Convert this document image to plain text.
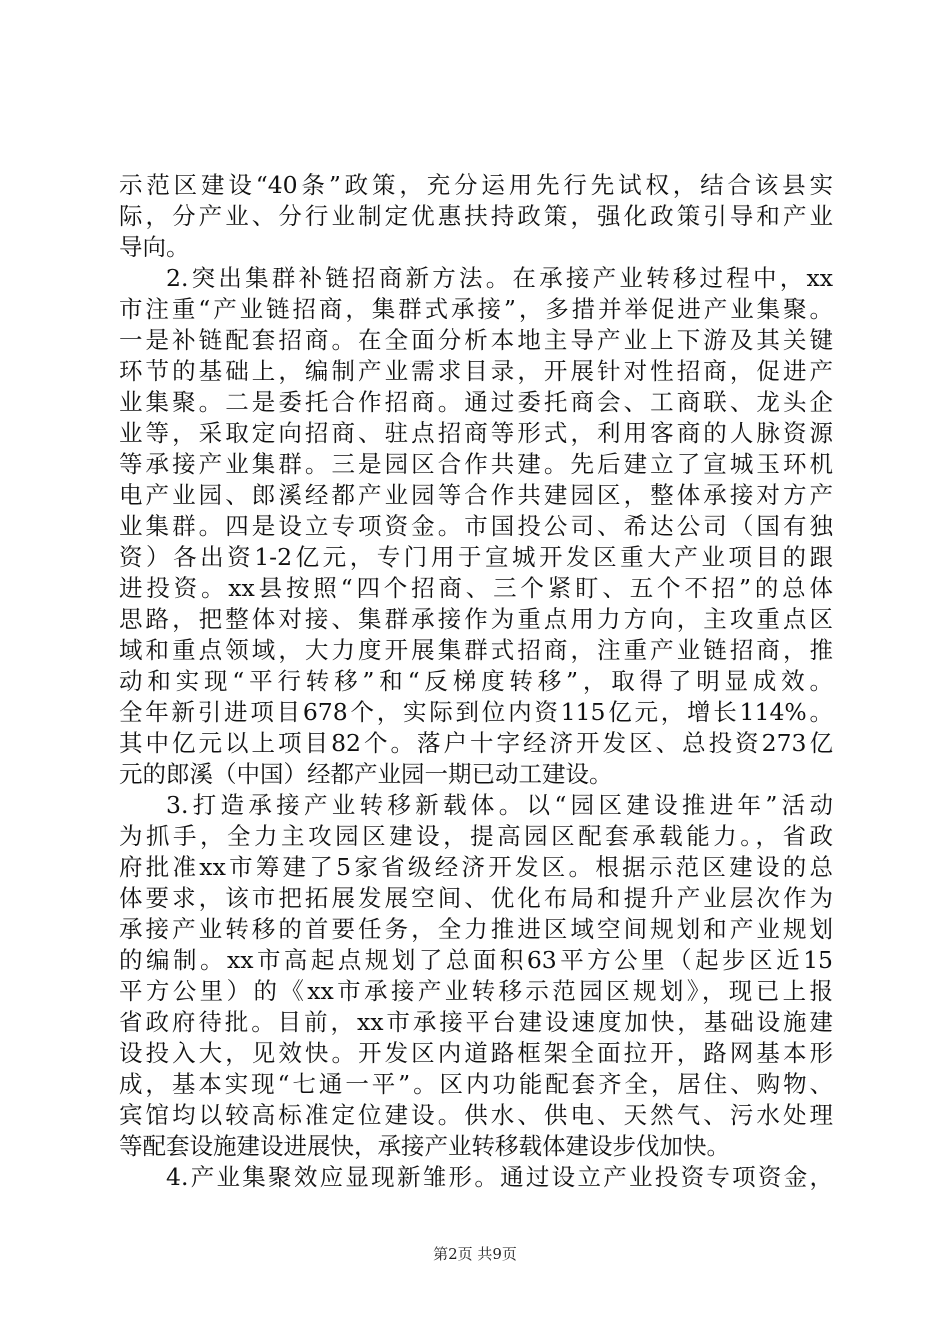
示范区建设“40条”政策，充分运用先行先试权，结合该县实
际，分产业、分行业制定优惠扶持政策，强化政策引导和产业
导向。
2.突出集群补链招商新方法。在承接产业转移过程中，xx
市注重“产业链招商，集群式承接”，多措并举促进产业集聚。
一是补链配套招商。在全面分析本地主导产业上下游及其关键
环节的基础上，编制产业需求目录，开展针对性招商，促进产
业集聚。二是委托合作招商。通过委托商会、工商联、龙头企
业等，采取定向招商、驻点招商等形式，利用客商的人脉资源
等承接产业集群。三是园区合作共建。先后建立了宣城玉环机
电产业园、郎溪经都产业园等合作共建园区，整体承接对方产
业集群。四是设立专项资金。市国投公司、希达公司（国有独
资）各出资1-2亿元，专门用于宣城开发区重大产业项目的跟
进投资。xx县按照“四个招商、三个紧盯、五个不招”的总体
思路，把整体对接、集群承接作为重点用力方向，主攻重点区
域和重点领域，大力度开展集群式招商，注重产业链招商，推
动和实现“平行转移”和“反梯度转移”，取得了明显成效。
全年新引进项目678个，实际到位内资115亿元，增长114%。
其中亿元以上项目82个。落户十字经济开发区、总投资273亿
元的郎溪（中国）经都产业园一期已动工建设。
3.打造承接产业转移新载体。以“园区建设推进年”活动
为抓手，全力主攻园区建设，提高园区配套承载能力。，省政
府批准xx市筹建了5家省级经济开发区。根据示范区建设的总
体要求，该市把拓展发展空间、优化布局和提升产业层次作为
承接产业转移的首要任务，全力推进区域空间规划和产业规划
的编制。xx市高起点规划了总面积63平方公里（起步区近15
平方公里）的《xx市承接产业转移示范园区规划》，现已上报
省政府待批。目前，xx市承接平台建设速度加快，基础设施建
设投入大，见效快。开发区内道路框架全面拉开，路网基本形
成，基本实现“七通一平”。区内功能配套齐全，居住、购物、
宾馆均以较高标准定位建设。供水、供电、天然气、污水处理
等配套设施建设进展快，承接产业转移载体建设步伐加快。
4.产业集聚效应显现新雏形。通过设立产业投资专项资金，
第2页 共9页
